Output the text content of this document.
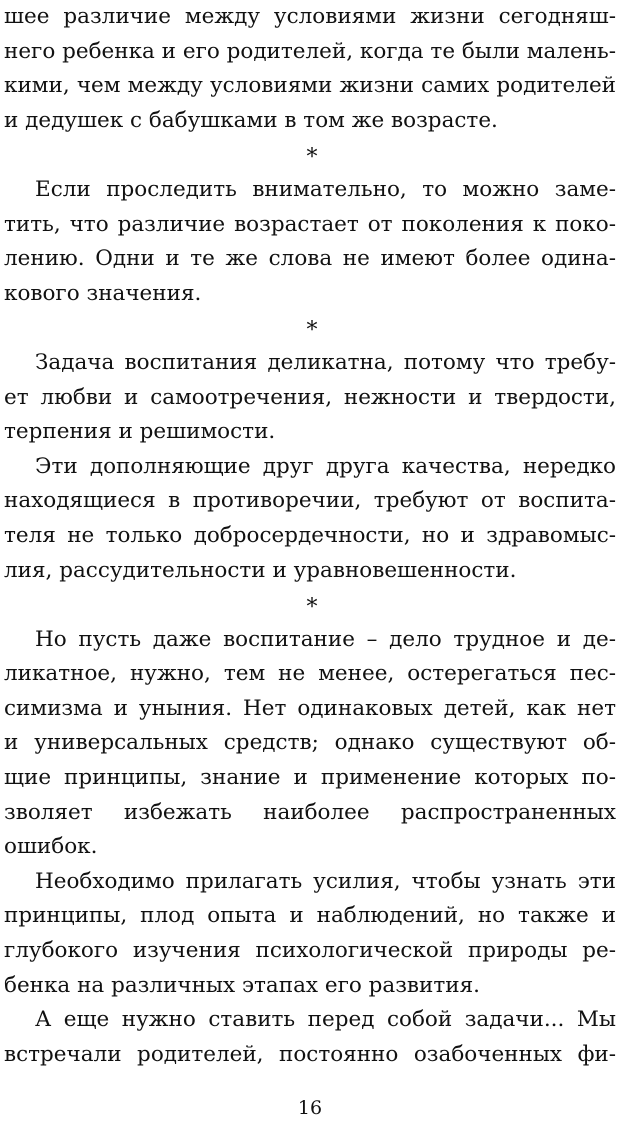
шее различие между условиями жизни сегодняш-
него ребенка и его родителей, когда те были малень-
кими, чем между условиями жизни самих родителей
и дедушек с бабушками в том же возрасте.
*
Если проследить внимательно, то можно заме-
тить, что различие возрастает от поколения к поко-
лению. Одни и те же слова не имеют более одина-
кового значения.
*
Задача воспитания деликатна, потому что требу-
ет любви и самоотречения, нежности и твердости,
терпения и решимости.
Эти дополняющие друг друга качества, нередко
находящиеся в противоречии, требуют от воспита-
теля не только добросердечности, но и здравомыс-
лия, рассудительности и уравновешенности.
*
Но пусть даже воспитание – дело трудное и де-
ликатное, нужно, тем не менее, остерегаться пес-
симизма и уныния. Нет одинаковых детей, как нет
и универсальных средств; однако существуют об-
щие принципы, знание и применение которых по-
зволяет избежать наиболее распространенных
ошибок.
Необходимо прилагать усилия, чтобы узнать эти
принципы, плод опыта и наблюдений, но также и
глубокого изучения психологической природы ре-
бенка на различных этапах его развития.
А еще нужно ставить перед собой задачи... Мы
встречали родителей, постоянно озабоченных фи-
16
